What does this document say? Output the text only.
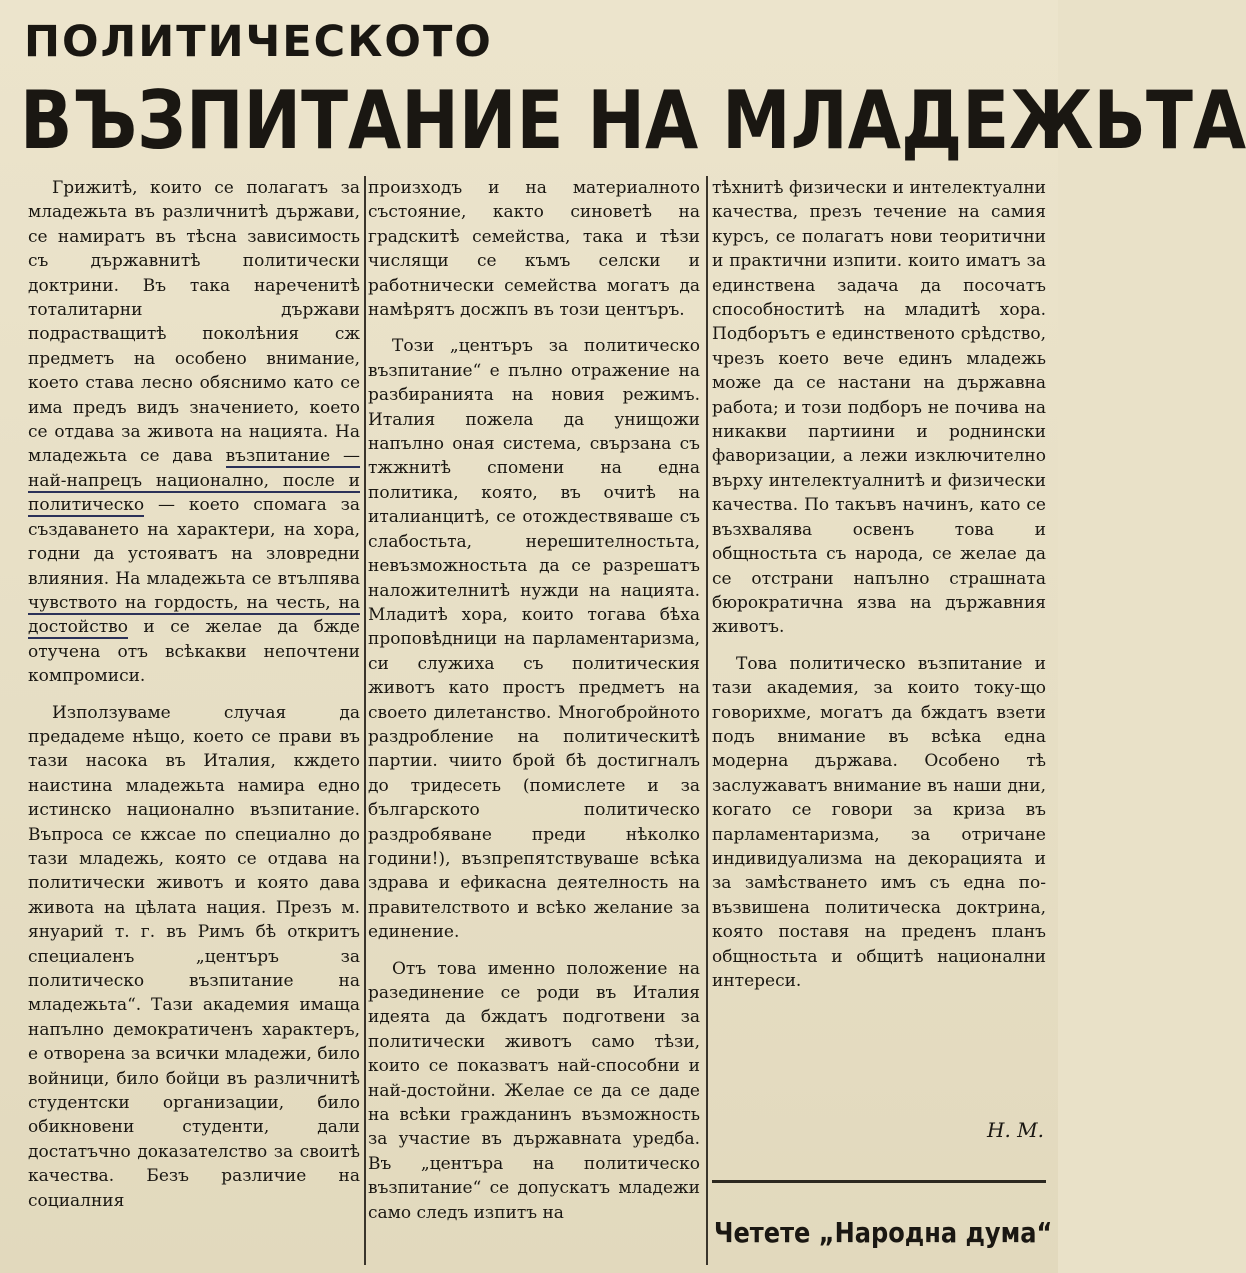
ПОЛИТИЧЕСКОТО
ВЪЗПИТАНИЕ НА МЛАДЕЖЬТА

Грижитѣ, които се полагатъ за младежьта въ различнитѣ държави, се намиратъ въ тѣсна зависимость съ държавнитѣ политически доктрини. Въ така нареченитѣ тоталитарни държави подрастващитѣ поколѣния сж предметъ на особено внимание, което става лесно обяснимо като се има предъ видъ значението, което се отдава за живота на нацията. На младежьта се дава възпитание — най-напрецъ национално, после и политическо — което спомага за създаването на характери, на хора, годни да устояватъ на зловредни влияния. На младежьта се втълпява чувството на гордость, на честь, на достойство и се желае да бжде отучена отъ всѣкакви непочтени компромиси.

Използуваме случая да предадеме нѣщо, което се прави въ тази насока въ Италия, кждето наистина младежьта намира едно истинско национално възпитание. Въпроса се кжсае по специално до тази младежь, която се отдава на политически животъ и която дава живота на цѣлата нация. Презъ м. януарий т. г. въ Римъ бѣ откритъ специаленъ „центъръ за политическо възпитание на младежьта“. Тази академия имаща напълно демократиченъ характеръ, е отворена за всички младежи, било войници, било бойци въ различнитѣ студентски организации, било обикновени студенти, дали достатъчно доказателство за своитѣ качества. Безъ различие на социалния

произходъ и на материалното състояние, както синоветѣ на градскитѣ семейства, така и тѣзи числящи се къмъ селски и работнически семейства могатъ да намѣрятъ досжпъ въ този центъръ.

Този „центъръ за политическо възпитание“ е пълно отражение на разбиранията на новия режимъ. Италия пожела да унищожи напълно оная система, свързана съ тжжнитѣ спомени на една политика, която, въ очитѣ на италианцитѣ, се отождествяваше съ слабостьта, нерешителностьта, невъзможностьта да се разрешатъ наложителнитѣ нужди на нацията. Младитѣ хора, които тогава бѣха проповѣдници на парламентаризма, си служиха съ политическия животъ като простъ предметъ на своето дилетанство. Многобройното раздробление на политическитѣ партии. чиито брой бѣ достигналъ до тридесеть (помислете и за българското политическо раздробяване преди нѣколко години!), възпрепятствуваше всѣка здрава и ефикасна деятелность на правителството и всѣко желание за единение.

Отъ това именно положение на разединение се роди въ Италия идеята да бждатъ подготвени за политически животъ само тѣзи, които се показватъ най-способни и най-достойни. Желае се да се даде на всѣки гражданинъ възможность за участие въ държавната уредба. Въ „центъра на политическо възпитание“ се допускатъ младежи само следъ изпитъ на

тѣхнитѣ физически и интелектуални качества, презъ течение на самия курсъ, се полагатъ нови теоритични и практични изпити. които иматъ за единствена задача да посочатъ способноститѣ на младитѣ хора. Подборътъ е единственото срѣдство, чрезъ което вече единъ младежь може да се настани на държавна работа; и този подборъ не почива на никакви партиини и роднински фаворизации, а лежи изключително върху интелектуалнитѣ и физически качества. По такъвъ начинъ, като се възхвалява освенъ това и общностьта съ народа, се желае да се отстрани напълно страшната бюрократична язва на държавния животъ.

Това политическо възпитание и тази академия, за които току-що говорихме, могатъ да бждатъ взети подъ внимание въ всѣка една модерна държава. Особено тѣ заслужаватъ внимание въ наши дни, когато се говори за криза въ парламентаризма, за отричане индивидуализма на декорацията и за замѣстването имъ съ една по-възвишена политическа доктрина, която поставя на преденъ планъ общностьта и общитѣ национални интереси.

Н. М.
Четете „Народна дума“
